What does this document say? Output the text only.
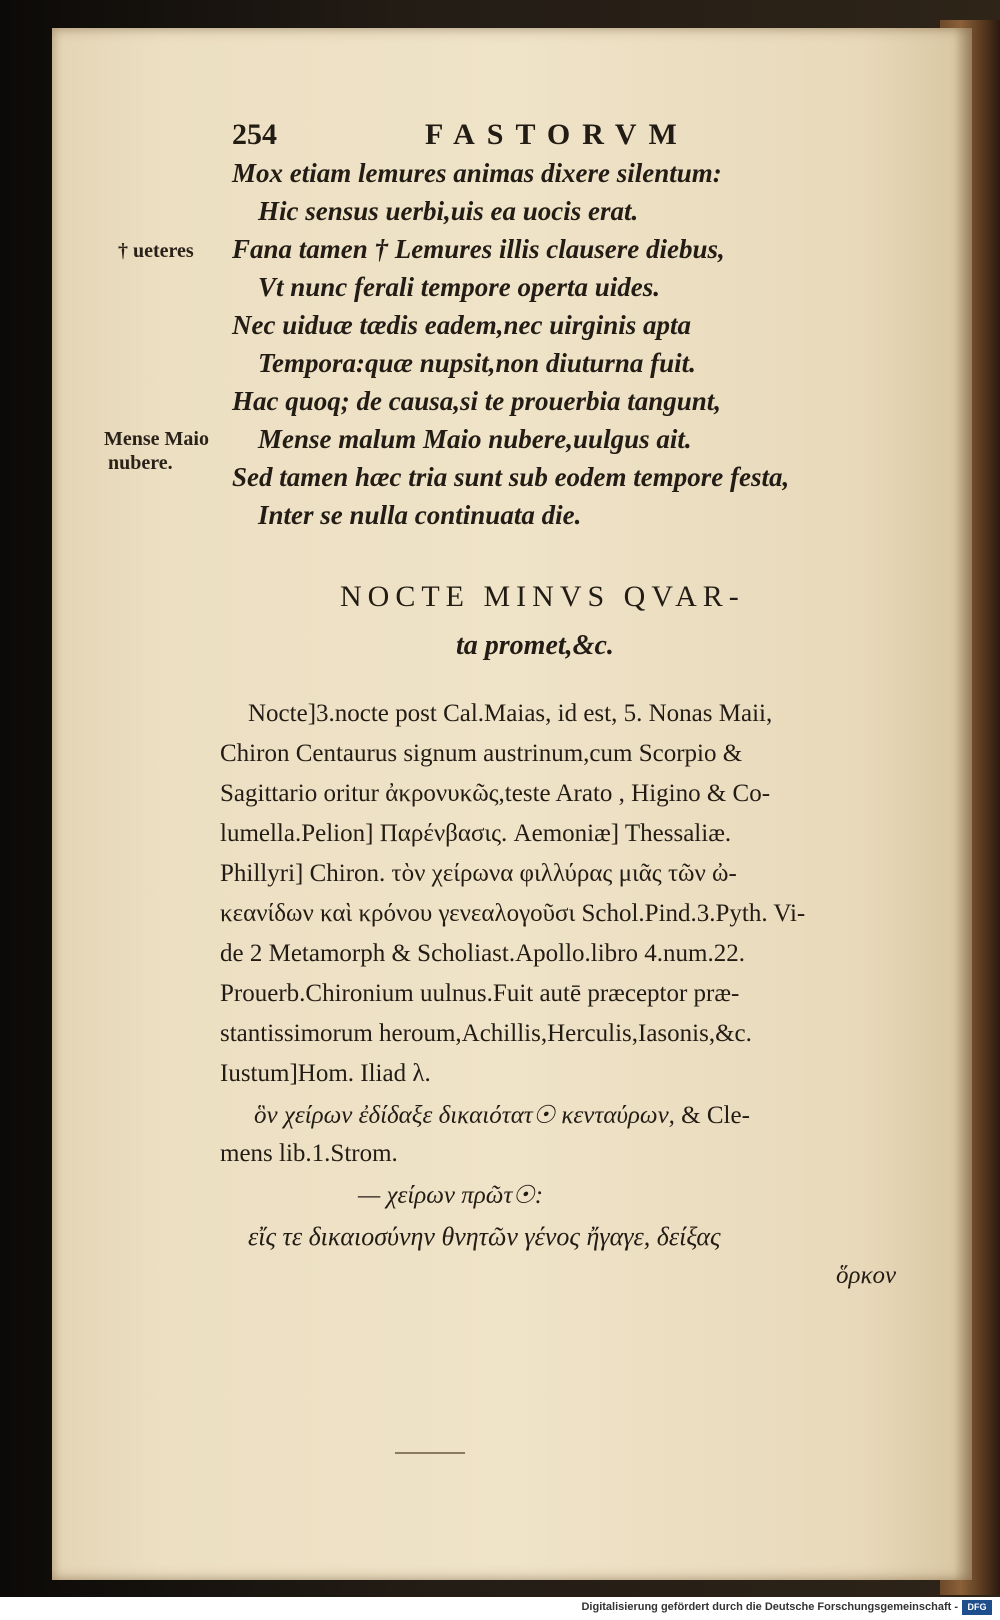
254	FASTORVM
Mox etiam lemures animas dixere silentum:
Hic sensus uerbi,uis ea uocis erat.
Fana tamen † Lemures illis clausere diebus,
Vt nunc ferali tempore operta uides.
Nec uiduæ tædis eadem,nec uirginis apta
Tempora:quæ nupsit,non diuturna fuit.
Hac quoq; de causa,si te prouerbia tangunt,
Mense malum Maio nubere,uulgus ait.
Sed tamen hæc tria sunt sub eodem tempore festa,
Inter se nulla continuata die.
† ueteres
Mense Maio
nubere.
NOCTE MINVS QVAR-
ta promet,&c.
Nocte]3.nocte post Cal.Maias, id est, 5. Nonas Maii,
Chiron Centaurus signum austrinum,cum Scorpio &
Sagittario oritur ἀκρονυκῶς,teste Arato , Higino & Co-
lumella.Pelion] Παρένβασις. Aemoniæ] Thessaliæ.
Phillyri] Chiron. τὸν χείρωνα φιλλύρας μιᾶς τῶν ὠ-
κεανίδων καὶ κρόνου γενεαλογοῦσι Schol.Pind.3.Pyth. Vi-
de 2 Metamorph & Scholiast.Apollo.libro 4.num.22.
Prouerb.Chironium uulnus.Fuit autē præceptor præ-
stantissimorum heroum,Achillis,Herculis,Iasonis,&c.
Iustum]Hom. Iliad λ.
ὃν χείρων ἐδίδαξε δικαιότατ☉ κενταύρων, & Cle-
mens lib.1.Strom.
— χείρων πρῶτ☉:
εἴς τε δικαιοσύνην θνητῶν γένος ἤγαγε, δείξας
ὅρκον
Digitalisierung gefördert durch die Deutsche Forschungsgemeinschaft -	DFG
